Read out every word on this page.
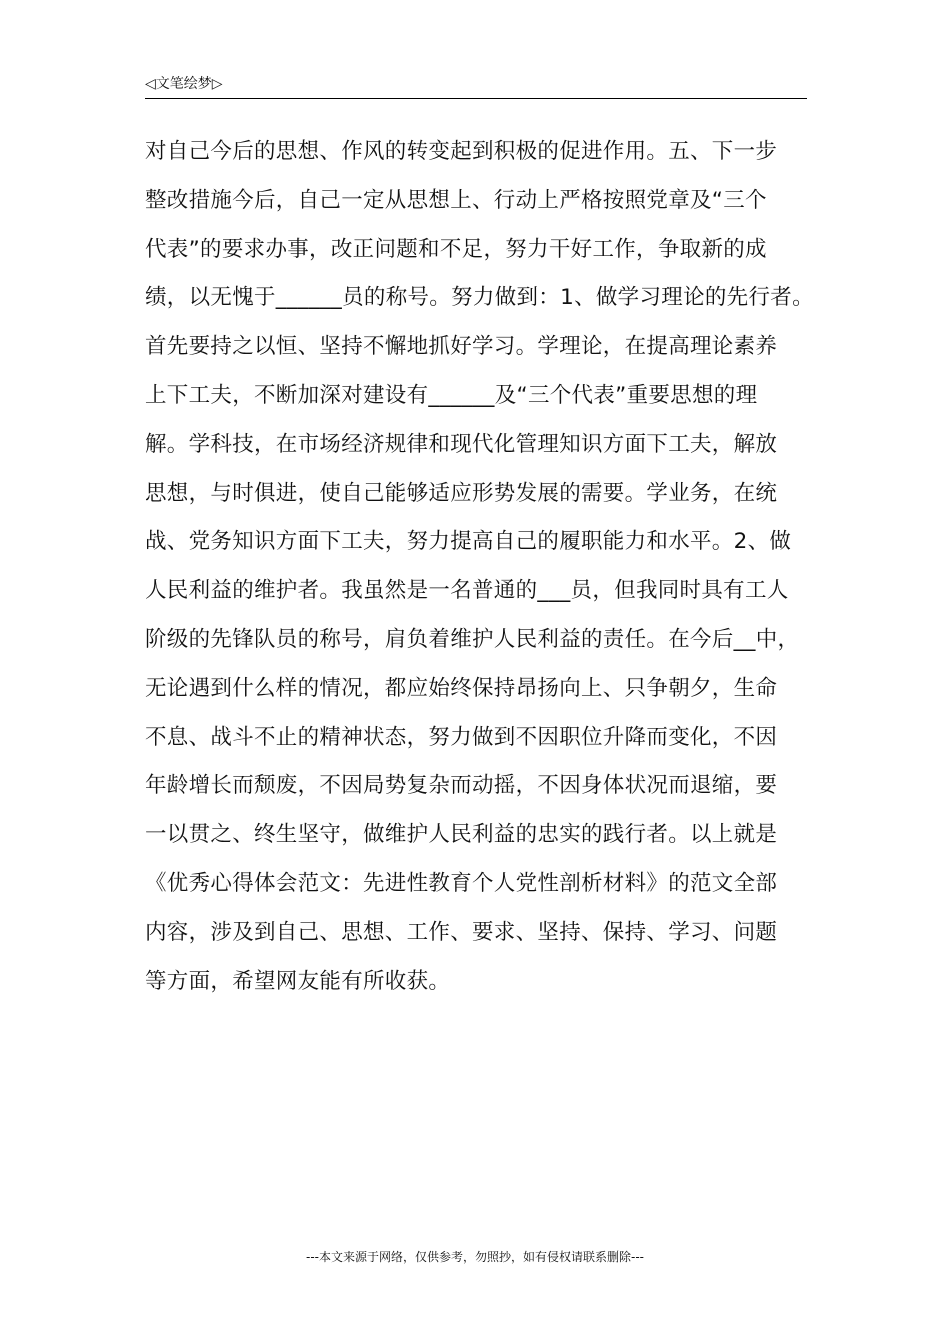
◁文笔绘梦▷
对自己今后的思想、作风的转变起到积极的促进作用。五、下一步
整改措施今后，自己一定从思想上、行动上严格按照党章及“三个
代表”的要求办事，改正问题和不足，努力干好工作，争取新的成
绩，以无愧于______员的称号。努力做到：1、做学习理论的先行者。
首先要持之以恒、坚持不懈地抓好学习。学理论，在提高理论素养
上下工夫，不断加深对建设有______及“三个代表”重要思想的理
解。学科技，在市场经济规律和现代化管理知识方面下工夫，解放
思想，与时俱进，使自己能够适应形势发展的需要。学业务，在统
战、党务知识方面下工夫，努力提高自己的履职能力和水平。2、做
人民利益的维护者。我虽然是一名普通的___员，但我同时具有工人
阶级的先锋队员的称号，肩负着维护人民利益的责任。在今后__中，
无论遇到什么样的情况，都应始终保持昂扬向上、只争朝夕，生命
不息、战斗不止的精神状态，努力做到不因职位升降而变化，不因
年龄增长而颓废，不因局势复杂而动摇，不因身体状况而退缩，要
一以贯之、终生坚守，做维护人民利益的忠实的践行者。以上就是
《优秀心得体会范文：先进性教育个人党性剖析材料》的范文全部
内容，涉及到自己、思想、工作、要求、坚持、保持、学习、问题
等方面，希望网友能有所收获。
---本文来源于网络，仅供参考，勿照抄，如有侵权请联系删除---
